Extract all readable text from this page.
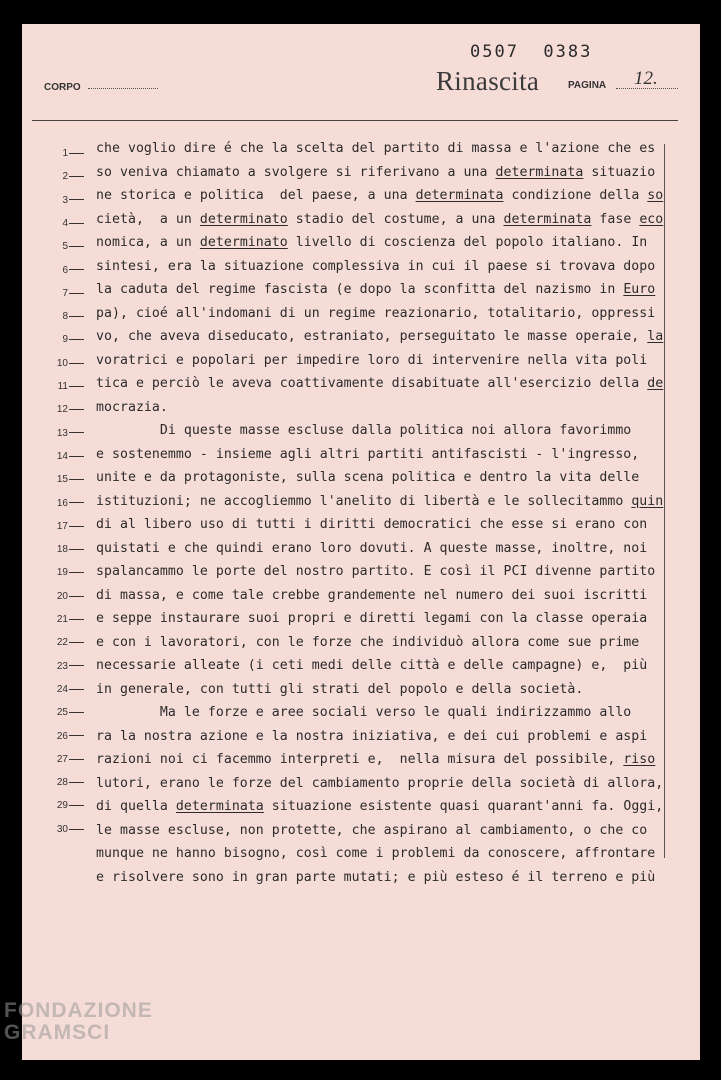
0507  0383
CORPO	Rinascita	PAGINA 12.
1
2
3
4
5
6
7
8
9
10
11
12
13
14
15
16
17
18
19
20
21
22
23
24
25
26
27
28
29
30
che voglio dire é che la scelta del partito di massa e l'azione che es
so veniva chiamato a svolgere si riferivano a una determinata situazio
ne storica e politica  del paese, a una determinata condizione della so
cietà,  a un determinato stadio del costume, a una determinata fase eco
nomica, a un determinato livello di coscienza del popolo italiano. In
sintesi, era la situazione complessiva in cui il paese si trovava dopo
la caduta del regime fascista (e dopo la sconfitta del nazismo in Euro
pa), cioé all'indomani di un regime reazionario, totalitario, oppressi
vo, che aveva diseducato, estraniato, perseguitato le masse operaie, la
voratrici e popolari per impedire loro di intervenire nella vita poli
tica e perciò le aveva coattivamente disabituate all'esercizio della de
mocrazia.
Di queste masse escluse dalla politica noi allora favorimmo
e sostenemmo - insieme agli altri partiti antifascisti - l'ingresso,
unite e da protagoniste, sulla scena politica e dentro la vita delle
istituzioni; ne accogliemmo l'anelito di libertà e le sollecitammo quin
di al libero uso di tutti i diritti democratici che esse si erano con
quistati e che quindi erano loro dovuti. A queste masse, inoltre, noi
spalancammo le porte del nostro partito. E così il PCI divenne partito
di massa, e come tale crebbe grandemente nel numero dei suoi iscritti
e seppe instaurare suoi propri e diretti legami con la classe operaia
e con i lavoratori, con le forze che individuò allora come sue prime
necessarie alleate (i ceti medi delle città e delle campagne) e,  più
in generale, con tutti gli strati del popolo e della società.
Ma le forze e aree sociali verso le quali indirizzammo allo
ra la nostra azione e la nostra iniziativa, e dei cui problemi e aspi
razioni noi ci facemmo interpreti e,  nella misura del possibile, riso
lutori, erano le forze del cambiamento proprie della società di allora,
di quella determinata situazione esistente quasi quarant'anni fa. Oggi,
le masse escluse, non protette, che aspirano al cambiamento, o che co
munque ne hanno bisogno, così come i problemi da conoscere, affrontare
e risolvere sono in gran parte mutati; e più esteso é il terreno e più
FONDAZIONE
GRAMSCI
